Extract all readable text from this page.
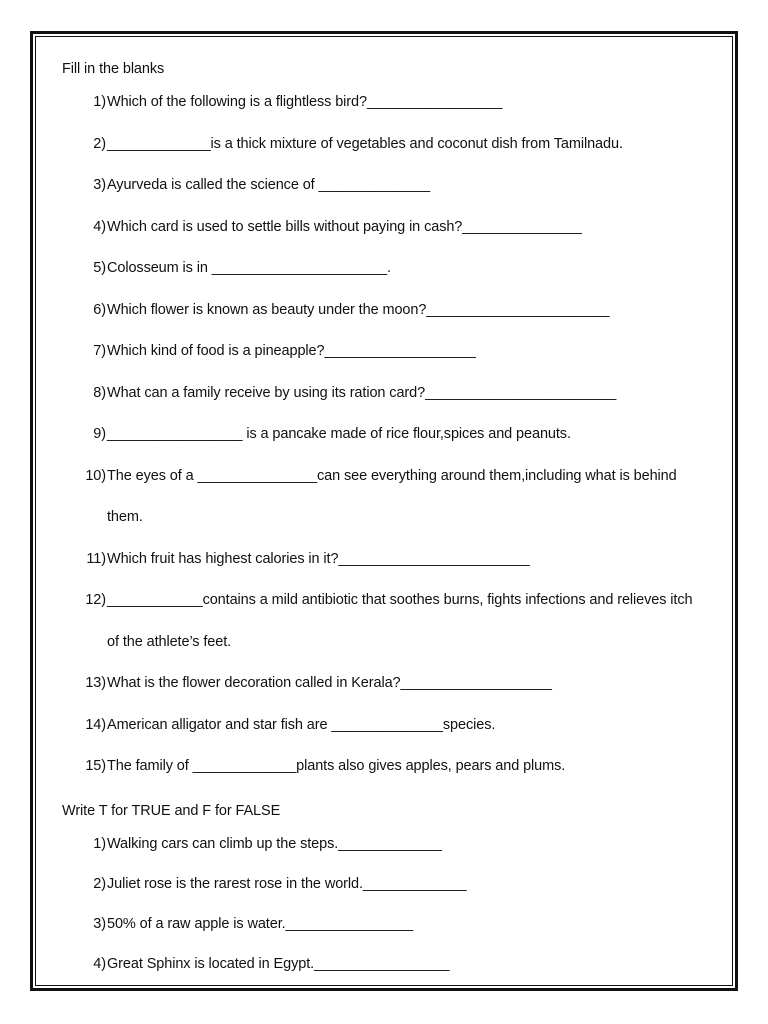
Fill in the blanks
1) Which of the following is a flightless bird?_________________
2) _____________is a thick mixture of vegetables and coconut dish from Tamilnadu.
3) Ayurveda is called the science of ______________
4) Which card is used to settle bills without paying in cash?_______________
5) Colosseum is in ______________________.
6) Which flower is known as beauty under the moon?_______________________
7) Which kind of food is a pineapple?___________________
8) What can a family receive by using its ration card?________________________
9) _________________ is a pancake made of rice flour,spices and peanuts.
10) The eyes of a _______________can see everything around them,including what is behind them.
11) Which fruit has highest calories in it?________________________
12) ____________contains a mild antibiotic that soothes burns, fights infections and relieves itch of the athlete’s feet.
13) What is the flower decoration called in Kerala?___________________
14) American alligator and star fish are ______________species.
15) The family of _____________plants also gives apples, pears and plums.
Write T for TRUE and F for FALSE
1) Walking cars can climb up the steps._____________
2) Juliet rose is the rarest rose in the world._____________
3) 50% of a raw apple is water.________________
4) Great Sphinx is located in Egypt._________________
